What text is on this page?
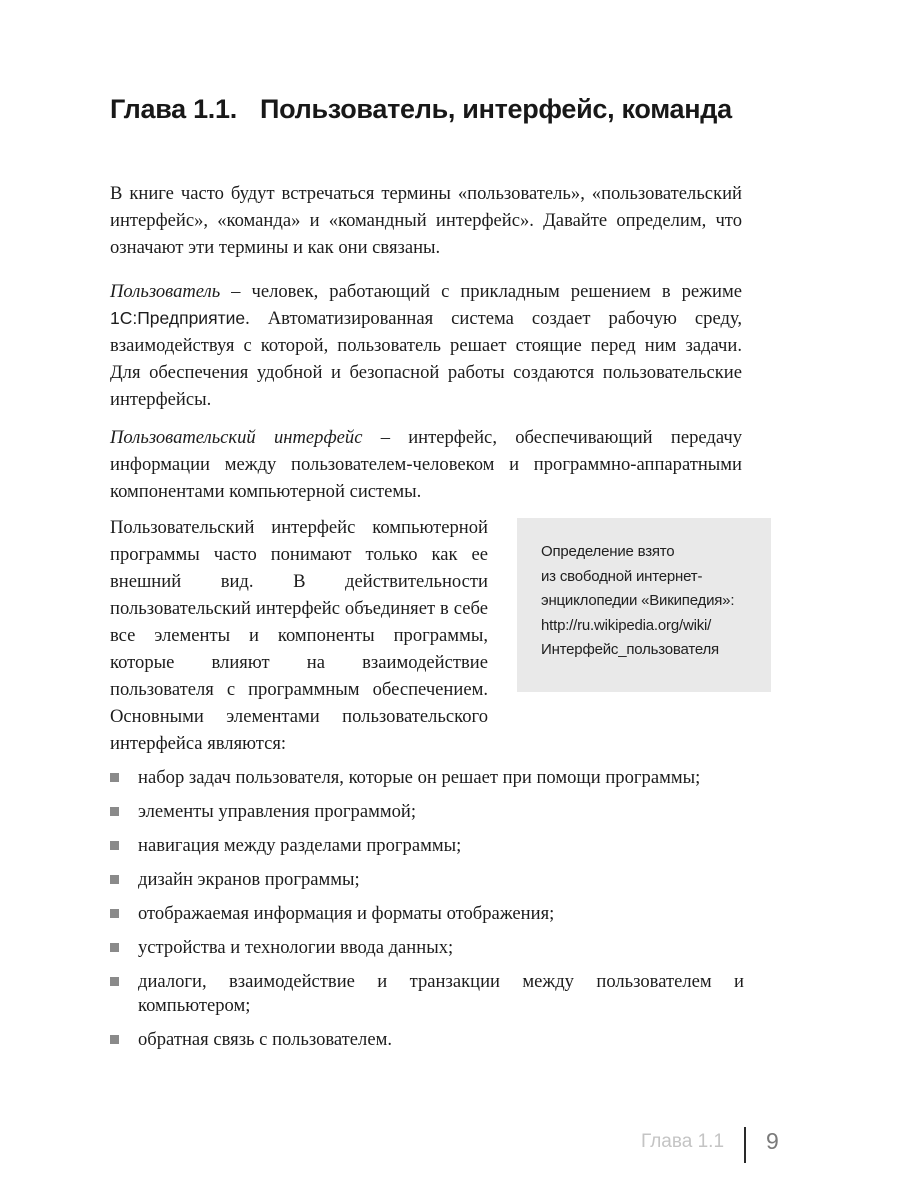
Глава 1.1. Пользователь, интерфейс, команда

В книге часто будут встречаться термины «пользователь», «пользовательский интерфейс», «команда» и «командный интерфейс». Давайте определим, что означают эти термины и как они связаны.

Пользователь – человек, работающий с прикладным решением в режиме 1С:Предприятие. Автоматизированная система создает рабочую среду, взаимодействуя с которой, пользователь решает стоящие перед ним задачи. Для обеспечения удобной и безопасной работы создаются пользовательские интерфейсы.

Пользовательский интерфейс – интерфейс, обеспечивающий передачу информации между пользователем-человеком и программно-аппаратными компонентами компьютерной системы.

Пользовательский интерфейс компьютерной программы часто понимают только как ее внешний вид. В действительности пользовательский интерфейс объединяет в себе все элементы и компоненты программы, которые влияют на взаимодействие пользователя с программным обеспечением. Основными элементами пользовательского интерфейса являются:

Определение взято
из свободной интернет-
энциклопедии «Википедия»:
http://ru.wikipedia.org/wiki/
Интерфейс_пользователя
набор задач пользователя, которые он решает при помощи программы;
элементы управления программой;
навигация между разделами программы;
дизайн экранов программы;
отображаемая информация и форматы отображения;
устройства и технологии ввода данных;
диалоги, взаимодействие и транзакции между пользователем и компьютером;
обратная связь с пользователем.
Глава 1.1 9
